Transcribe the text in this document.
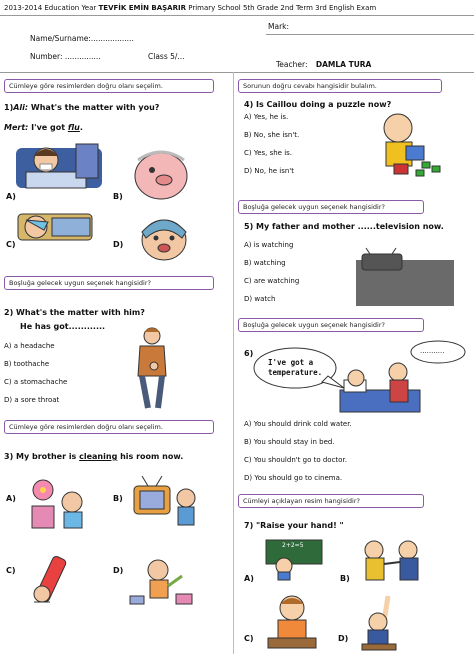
2013-2014 Education Year TEVFİK EMİN BAŞARIR Primary School 5th Grade 2nd Term 3rd English Exam
Mark:
Name/Surname:..................
Number: ...............	Class 5/...
Teacher: DAMLA TURA
Cümleye göre resimlerden doğru olanı seçelim.
1)Ali: What's the matter with you?
Mert: I've got flu.
A)	B)
C)	D)
Boşluğa gelecek uygun seçenek hangisidir?
2) What's the matter with him?
He has got............
A) a headache
B) toothache
C) a stomachache
D) a sore throat
Cümleye göre resimlerden doğru olanı seçelim.
3) My brother is cleaning his room now.
A)	B)
C)	D)
Sorunun doğru cevabı hangisidir bulalım.
4) Is Caillou doing a puzzle now?
A) Yes, he is.
B) No, she isn't.
C) Yes, she is.
D) No, he isn't
Boşluğa gelecek uygun seçenek hangisidir?
5) My father and mother ......television now.
A) is watching
B) watching
C) are watching
D) watch
Boşluğa gelecek uygun seçenek hangisidir?
6)
I've got a temperature.
...........
A) You should drink cold water.
B) You should stay in bed.
C) You shouldn't go to doctor.
D) You should go to cinema.
Cümleyi açıklayan resim hangisidir?
7) "Raise your hand! "
A)
2+2=5
B)
C)	D)
